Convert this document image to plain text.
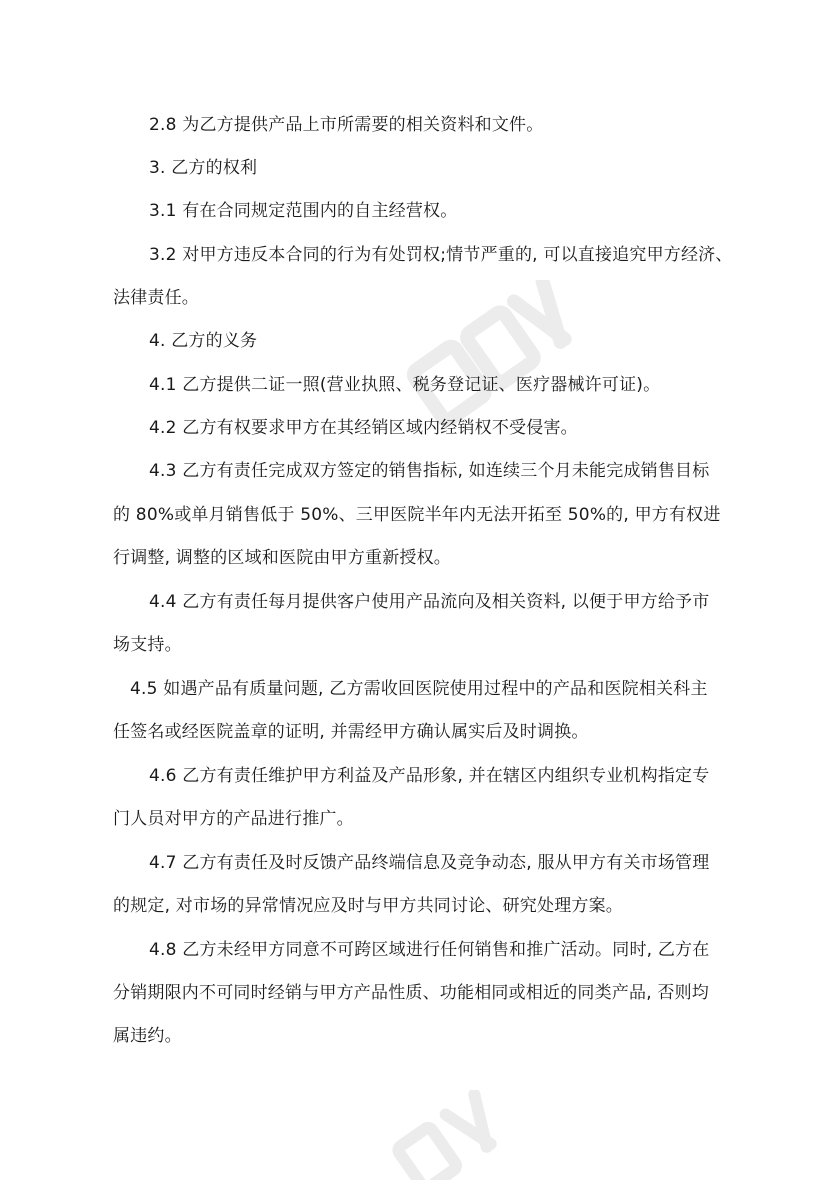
2.8 为乙方提供产品上市所需要的相关资料和文件。
3. 乙方的权利
3.1 有在合同规定范围内的自主经营权。
3.2 对甲方违反本合同的行为有处罚权;情节严重的, 可以直接追究甲方经济、
法律责任。
4. 乙方的义务
4.1 乙方提供二证一照(营业执照、税务登记证、医疗器械许可证)。
4.2 乙方有权要求甲方在其经销区域内经销权不受侵害。
4.3 乙方有责任完成双方签定的销售指标, 如连续三个月未能完成销售目标
的 80%或单月销售低于 50%、三甲医院半年内无法开拓至 50%的, 甲方有权进
行调整, 调整的区域和医院由甲方重新授权。
4.4 乙方有责任每月提供客户使用产品流向及相关资料, 以便于甲方给予市
场支持。
4.5 如遇产品有质量问题, 乙方需收回医院使用过程中的产品和医院相关科主
任签名或经医院盖章的证明, 并需经甲方确认属实后及时调换。
4.6 乙方有责任维护甲方利益及产品形象, 并在辖区内组织专业机构指定专
门人员对甲方的产品进行推广。
4.7 乙方有责任及时反馈产品终端信息及竞争动态, 服从甲方有关市场管理
的规定, 对市场的异常情况应及时与甲方共同讨论、研究处理方案。
4.8 乙方未经甲方同意不可跨区域进行任何销售和推广活动。同时, 乙方在
分销期限内不可同时经销与甲方产品性质、功能相同或相近的同类产品, 否则均
属违约。
